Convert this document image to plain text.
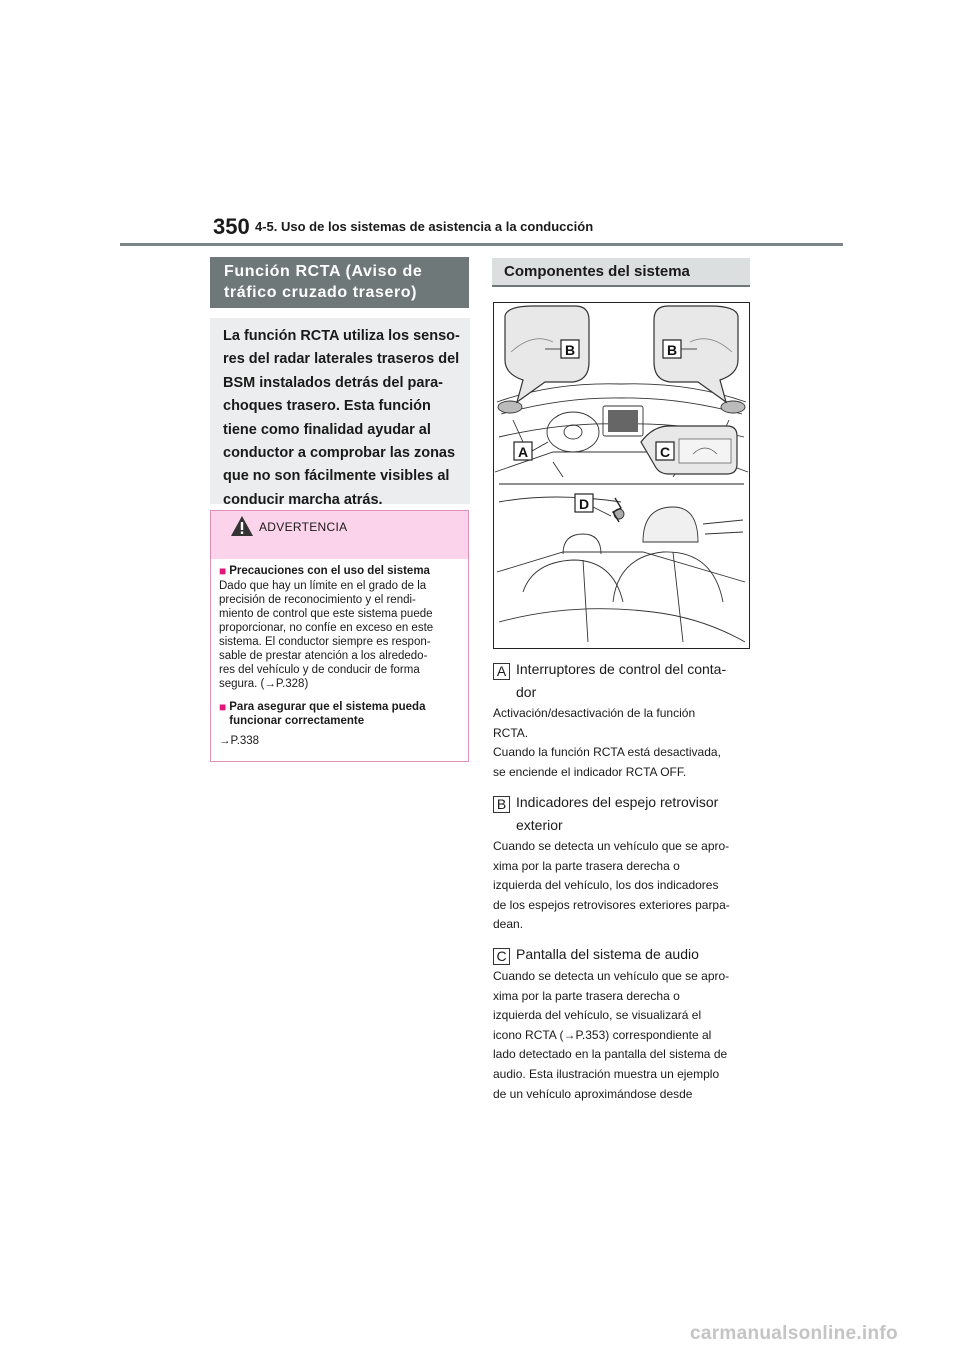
350 4-5. Uso de los sistemas de asistencia a la conducción
Función RCTA (Aviso de
tráfico cruzado trasero)
La función RCTA utiliza los senso-
res del radar laterales traseros del
BSM instalados detrás del para-
choques trasero. Esta función
tiene como finalidad ayudar al
conductor a comprobar las zonas
que no son fácilmente visibles al
conducir marcha atrás.
ADVERTENCIA
■ Precauciones con el uso del sistema
Dado que hay un límite en el grado de la
precisión de reconocimiento y el rendi-
miento de control que este sistema puede
proporcionar, no confíe en exceso en este
sistema. El conductor siempre es respon-
sable de prestar atención a los alrededo-
res del vehículo y de conducir de forma
segura. (→P.328)
■ Para asegurar que el sistema pueda
funcionar correctamente
→P.338
Componentes del sistema
B	B
A	C
D
A Interruptores de control del conta-
dor
Activación/desactivación de la función
RCTA.
Cuando la función RCTA está desactivada,
se enciende el indicador RCTA OFF.
B Indicadores del espejo retrovisor
exterior
Cuando se detecta un vehículo que se apro-
xima por la parte trasera derecha o
izquierda del vehículo, los dos indicadores
de los espejos retrovisores exteriores parpa-
dean.
C Pantalla del sistema de audio
Cuando se detecta un vehículo que se apro-
xima por la parte trasera derecha o
izquierda del vehículo, se visualizará el
icono RCTA (→P.353) correspondiente al
lado detectado en la pantalla del sistema de
audio. Esta ilustración muestra un ejemplo
de un vehículo aproximándose desde
carmanualsonline.info
